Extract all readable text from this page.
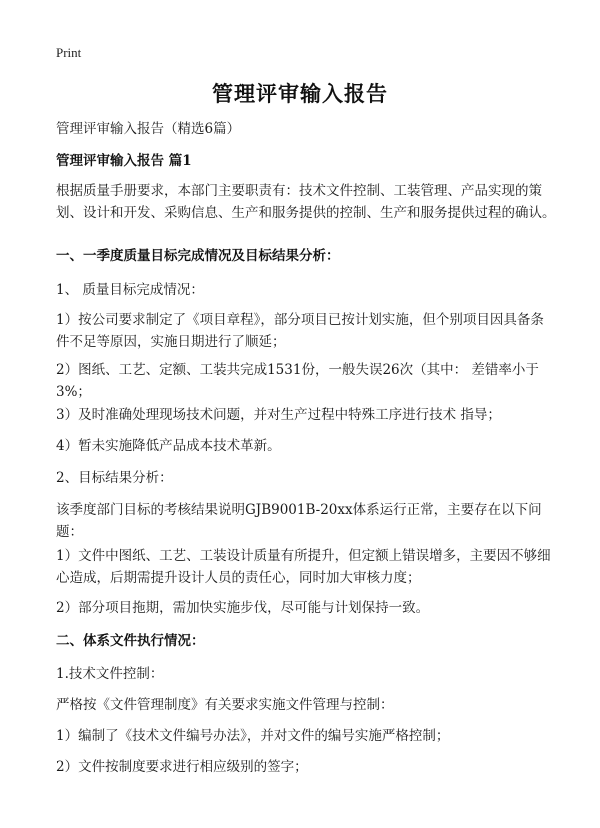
Print
管理评审输入报告
管理评审输入报告（精选6篇）
管理评审输入报告 篇1
根据质量手册要求，本部门主要职责有：技术文件控制、工装管理、产品实现的策划、设计和开发、采购信息、生产和服务提供的控制、生产和服务提供过程的确认。
一、一季度质量目标完成情况及目标结果分析：
1、 质量目标完成情况：
1）按公司要求制定了《项目章程》，部分项目已按计划实施，但个别项目因具备条件不足等原因，实施日期进行了顺延；
2）图纸、工艺、定额、工装共完成1531份，一般失误26次（其中： 差错率小于3%；
3）及时准确处理现场技术问题，并对生产过程中特殊工序进行技术 指导；
4）暂未实施降低产品成本技术革新。
2、目标结果分析：
该季度部门目标的考核结果说明GJB9001B-20xx体系运行正常，主要存在以下问题：
1）文件中图纸、工艺、工装设计质量有所提升，但定额上错误增多，主要因不够细心造成，后期需提升设计人员的责任心，同时加大审核力度；
2）部分项目拖期，需加快实施步伐，尽可能与计划保持一致。
二、体系文件执行情况：
1.技术文件控制：
严格按《文件管理制度》有关要求实施文件管理与控制：
1）编制了《技术文件编号办法》，并对文件的编号实施严格控制；
2）文件按制度要求进行相应级别的签字；
